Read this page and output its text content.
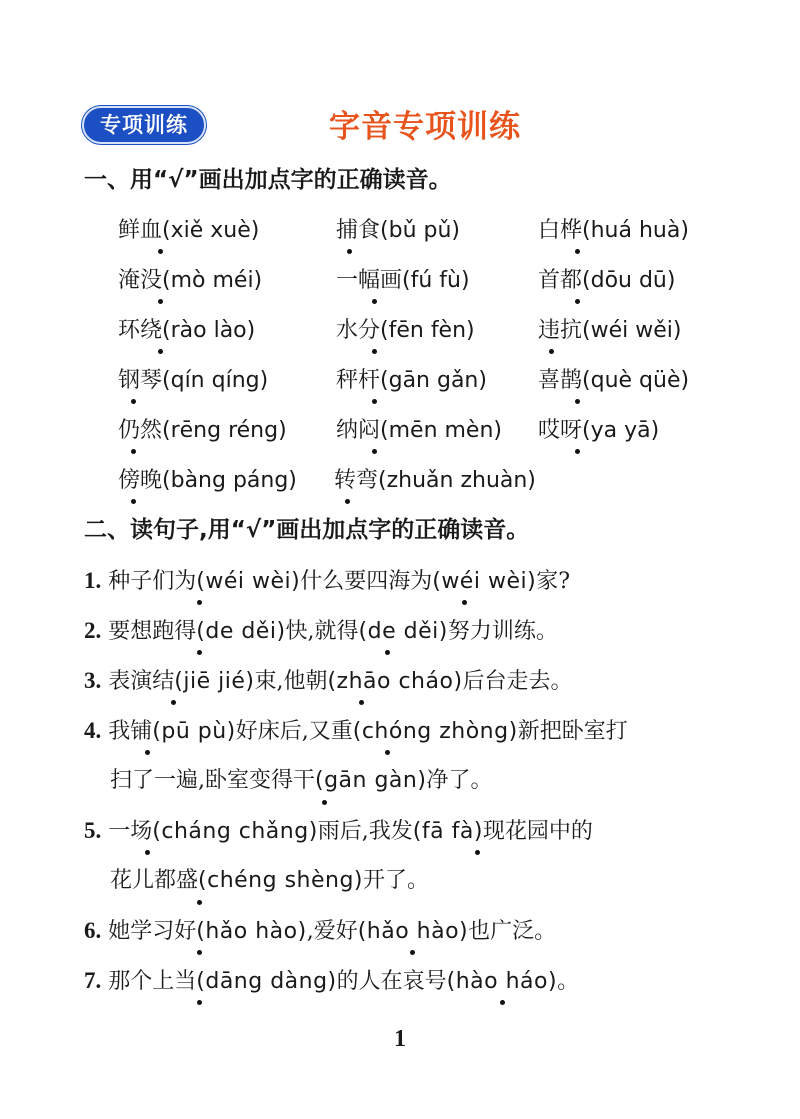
专项训练	字音专项训练
一、用“√”画出加点字的正确读音。
鲜血(xiě xuè)	捕食(bǔ pǔ)	白桦(huá huà)
淹没(mò méi)	一幅画(fú fù)	首都(dōu dū)
环绕(rào lào)	水分(fēn fèn)	违抗(wéi wěi)
钢琴(qín qíng)	秤杆(gān gǎn) 喜鹊(què qüè)
仍然(rēng réng) 纳闷(mēn mèn) 哎呀(ya yā)
傍晚(bàng páng) 转弯(zhuǎn zhuàn)
二、读句子,用“√”画出加点字的正确读音。
1. 种子们为(wéi wèi)什么要四海为(wéi wèi)家?
2. 要想跑得(de děi)快,就得(de děi)努力训练。
3. 表演结(jiē jié)束,他朝(zhāo cháo)后台走去。
4. 我铺(pū pù)好床后,又重(chóng zhòng)新把卧室打
扫了一遍,卧室变得干(gān gàn)净了。
5. 一场(cháng chǎng)雨后,我发(fā fà)现花园中的
花儿都盛(chéng shèng)开了。
6. 她学习好(hǎo hào),爱好(hǎo hào)也广泛。
7. 那个上当(dāng dàng)的人在哀号(hào háo)。
1
